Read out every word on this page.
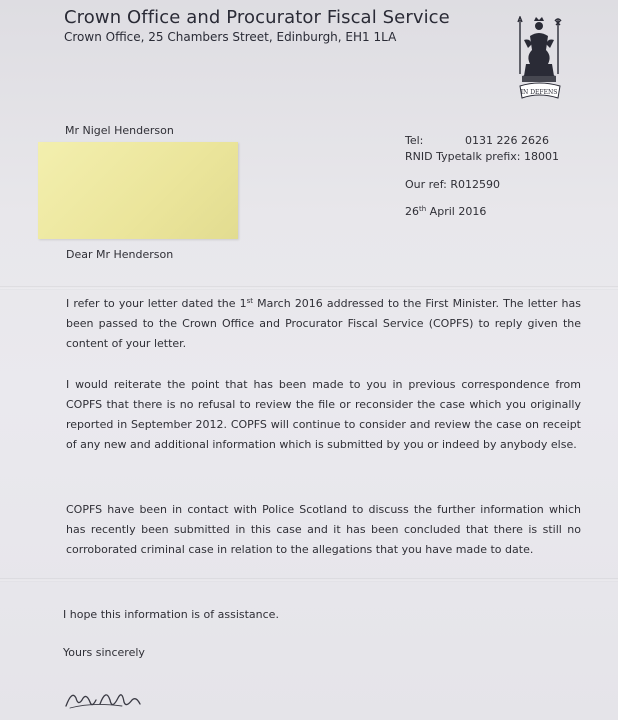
Crown Office and Procurator Fiscal Service
Crown Office, 25 Chambers Street, Edinburgh, EH1 1LA
IN DEFENS
Mr Nigel Henderson
Tel:	0131 226 2626
RNID Typetalk prefix: 18001
Our ref: R012590
26th April 2016
Dear Mr Henderson
I refer to your letter dated the 1st March 2016 addressed to the First Minister. The letter has been passed to the Crown Office and Procurator Fiscal Service (COPFS) to reply given the content of your letter.
I would reiterate the point that has been made to you in previous correspondence from COPFS that there is no refusal to review the file or reconsider the case which you originally reported in September 2012. COPFS will continue to consider and review the case on receipt of any new and additional information which is submitted by you or indeed by anybody else.
COPFS have been in contact with Police Scotland to discuss the further information which has recently been submitted in this case and it has been concluded that there is still no corroborated criminal case in relation to the allegations that you have made to date.
I hope this information is of assistance.
Yours sincerely
